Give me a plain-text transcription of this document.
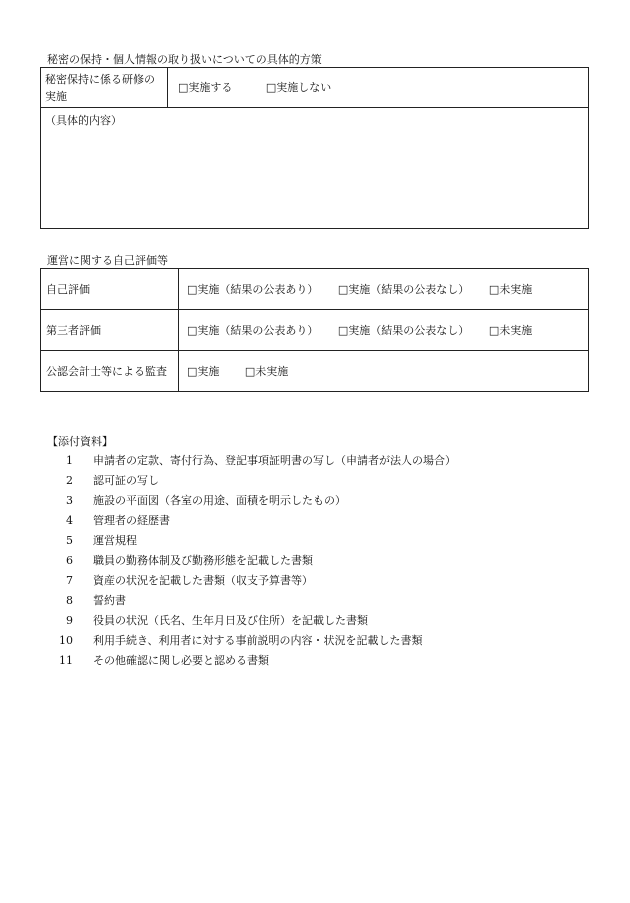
秘密の保持・個人情報の取り扱いについての具体的方策
秘密保持に係る研修の実施	□実施する	□実施しない
（具体的内容）
運営に関する自己評価等
自己評価	□実施（結果の公表あり） □実施（結果の公表なし） □未実施
第三者評価	□実施（結果の公表あり） □実施（結果の公表なし） □未実施
公認会計士等による監査	□実施 □未実施
【添付資料】
1 申請者の定款、寄付行為、登記事項証明書の写し（申請者が法人の場合）
2 認可証の写し
3 施設の平面図（各室の用途、面積を明示したもの）
4 管理者の経歴書
5 運営規程
6 職員の勤務体制及び勤務形態を記載した書類
7 資産の状況を記載した書類（収支予算書等）
8 誓約書
9 役員の状況（氏名、生年月日及び住所）を記載した書類
10 利用手続き、利用者に対する事前説明の内容・状況を記載した書類
11 その他確認に関し必要と認める書類
